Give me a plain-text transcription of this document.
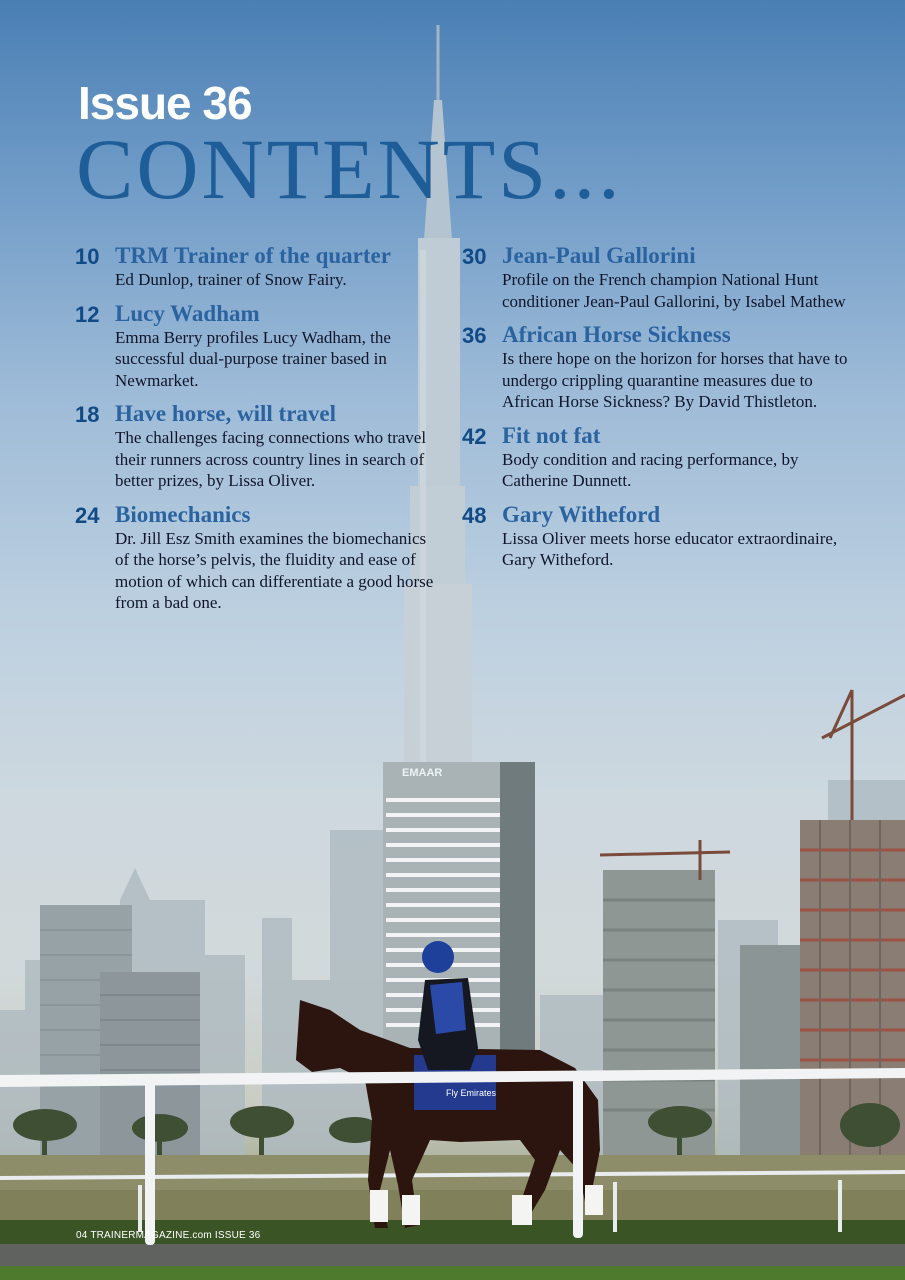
EMAAR
Fly Emirates
Issue 36
CONTENTS...
10 TRM Trainer of the quarter
Ed Dunlop, trainer of Snow Fairy.
12 Lucy Wadham
Emma Berry profiles Lucy Wadham, the successful dual-purpose trainer based in Newmarket.
18 Have horse, will travel
The challenges facing connections who travel their runners across country lines in search of better prizes, by Lissa Oliver.
24 Biomechanics
Dr. Jill Esz Smith examines the biomechanics of the horse’s pelvis, the fluidity and ease of motion of which can differentiate a good horse from a bad one.
30 Jean-Paul Gallorini
Profile on the French champion National Hunt conditioner Jean-Paul Gallorini, by Isabel Mathew
36 African Horse Sickness
Is there hope on the horizon for horses that have to undergo crippling quarantine measures due to African Horse Sickness? By David Thistleton.
42 Fit not fat
Body condition and racing performance, by Catherine Dunnett.
48 Gary Witheford
Lissa Oliver meets horse educator extraordinaire, Gary Witheford.
04 TRAINERMAGAZINE.com ISSUE 36
